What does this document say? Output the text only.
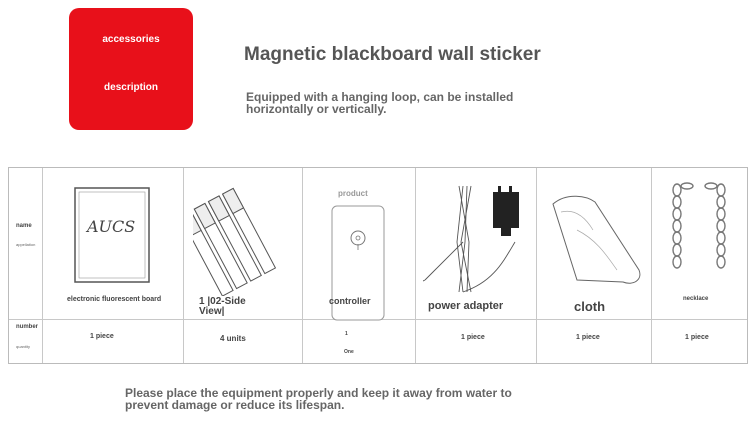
accessories
description
Magnetic blackboard wall sticker
Equipped with a hanging loop, can be installed horizontally or vertically.
name
appellation
number
quantity
AUCS
electronic fluorescent board
1 piece
1 |02-Side
View|
4 units
product
controller
1
One
power adapter
1 piece
cloth
1 piece
necklace
1 piece
Please place the equipment properly and keep it away from water to prevent damage or reduce its lifespan.
